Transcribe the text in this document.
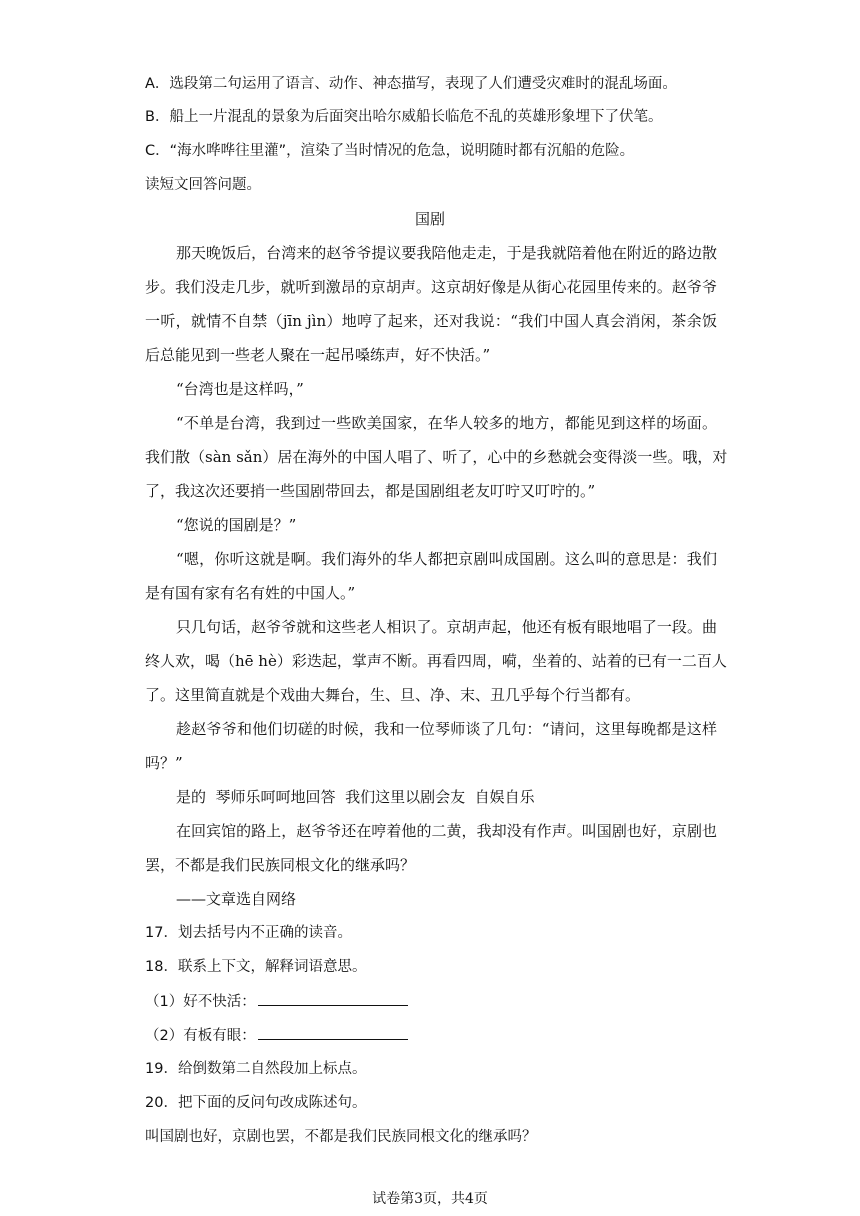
A．选段第二句运用了语言、动作、神态描写，表现了人们遭受灾难时的混乱场面。
B．船上一片混乱的景象为后面突出哈尔威船长临危不乱的英雄形象埋下了伏笔。
C．“海水哗哗往里灌”，渲染了当时情况的危急，说明随时都有沉船的危险。
读短文回答问题。
国剧
那天晚饭后，台湾来的赵爷爷提议要我陪他走走，于是我就陪着他在附近的路边散
步。我们没走几步，就听到激昂的京胡声。这京胡好像是从街心花园里传来的。赵爷爷
一听，就情不自禁（jīn jìn）地哼了起来，还对我说：“我们中国人真会消闲，茶余饭
后总能见到一些老人聚在一起吊嗓练声，好不快活。”
“台湾也是这样吗，”
“不单是台湾，我到过一些欧美国家，在华人较多的地方，都能见到这样的场面。
我们散（sàn sǎn）居在海外的中国人唱了、听了，心中的乡愁就会变得淡一些。哦，对
了，我这次还要捎一些国剧带回去，都是国剧组老友叮咛又叮咛的。”
“您说的国剧是？”
“嗯，你听这就是啊。我们海外的华人都把京剧叫成国剧。这么叫的意思是：我们
是有国有家有名有姓的中国人。”
只几句话，赵爷爷就和这些老人相识了。京胡声起，他还有板有眼地唱了一段。曲
终人欢，喝（hē hè）彩迭起，掌声不断。再看四周，嗬，坐着的、站着的已有一二百人
了。这里简直就是个戏曲大舞台，生、旦、净、末、丑几乎每个行当都有。
趁赵爷爷和他们切磋的时候，我和一位琴师谈了几句：“请问，这里每晚都是这样
吗？”
是的  琴师乐呵呵地回答  我们这里以剧会友  自娱自乐
在回宾馆的路上，赵爷爷还在哼着他的二黄，我却没有作声。叫国剧也好，京剧也
罢，不都是我们民族同根文化的继承吗？
——文章选自网络
17．划去括号内不正确的读音。
18．联系上下文，解释词语意思。
（1）好不快活：
（2）有板有眼：
19．给倒数第二自然段加上标点。
20．把下面的反问句改成陈述句。
叫国剧也好，京剧也罢，不都是我们民族同根文化的继承吗？
试卷第3页，共4页
